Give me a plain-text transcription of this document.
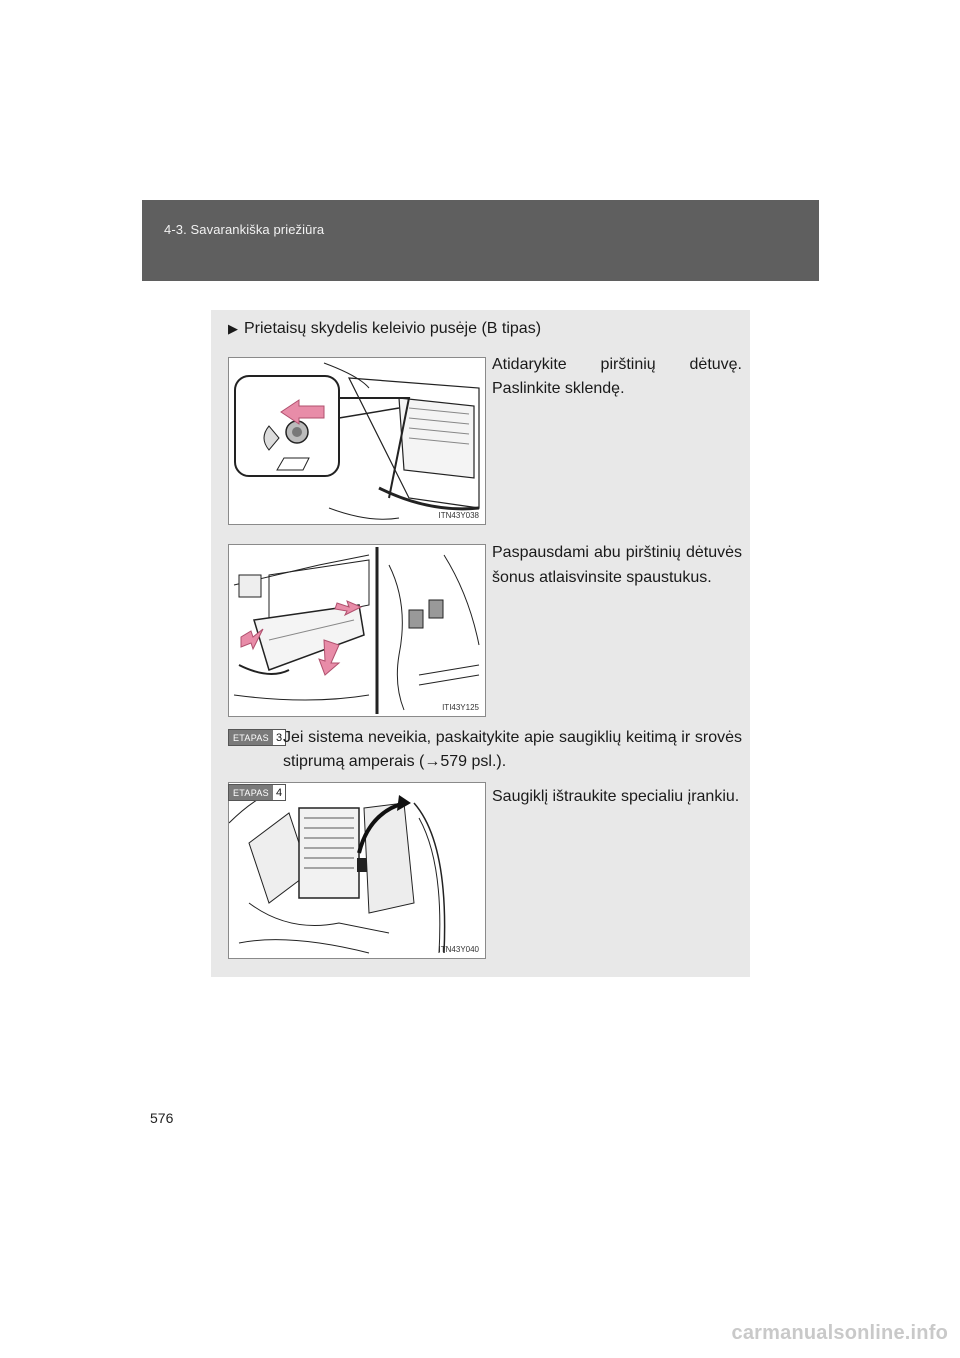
4-3. Savarankiška priežiūra
▶ Prietaisų skydelis keleivio pusėje (B tipas)
ITN43Y038
Atidarykite pirštinių dėtuvę.
Paslinkite sklendę.
ITI43Y125
Paspausdami abu pirštinių dėtuvės šonus atlaisvinsite spaustukus.
ETAPAS 3 Jei sistema neveikia, paskaitykite apie saugiklių keitimą ir srovės stiprumą amperais (→579 psl.).
ITN43Y040
ETAPAS 4	Saugiklį ištraukite specialiu įrankiu.
576
carmanualsonline.info
